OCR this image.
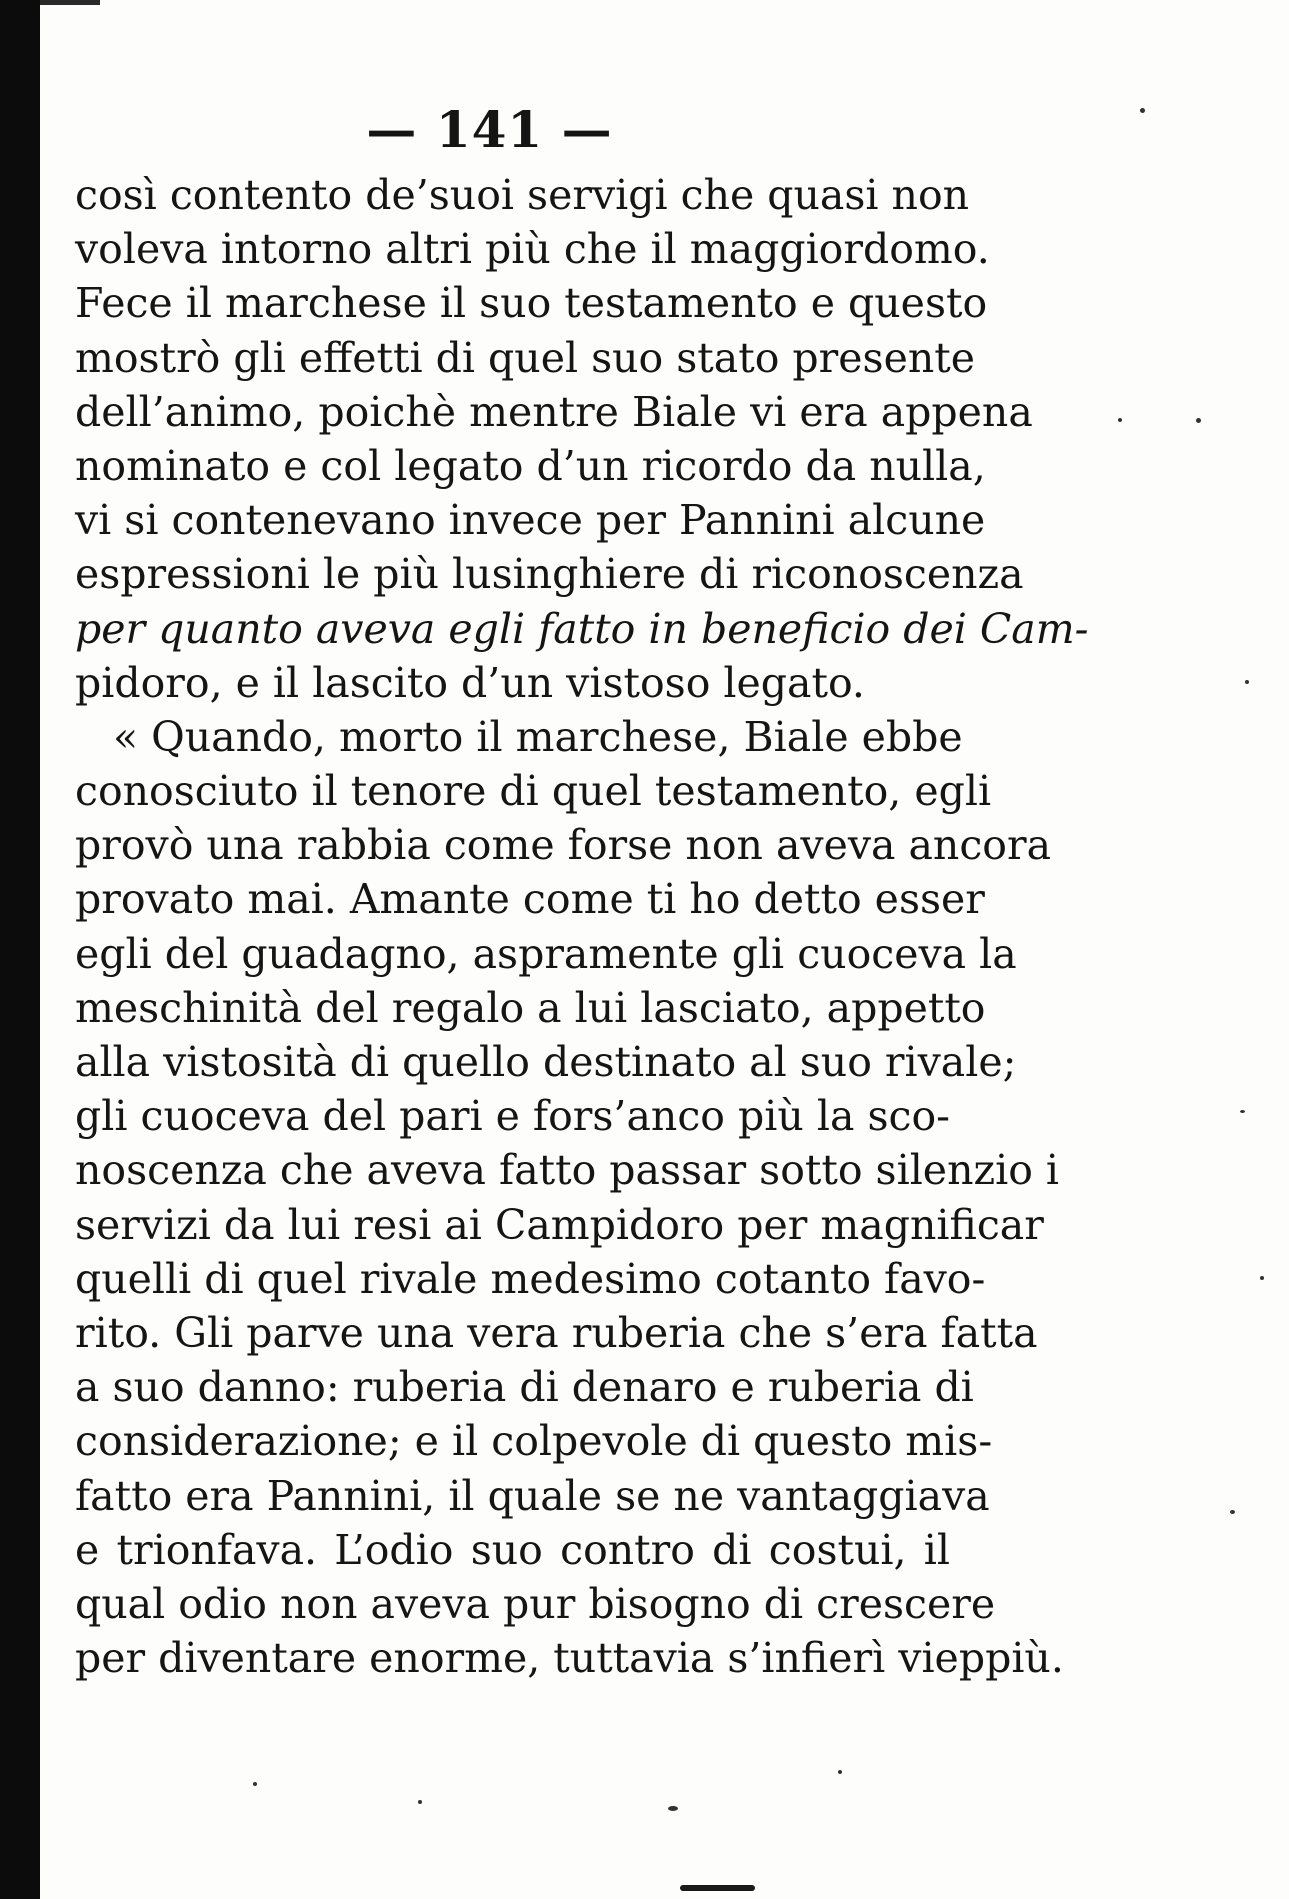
— 141 —
così contento de’suoi servigi che quasi non
voleva intorno altri più che il maggiordomo.
Fece il marchese il suo testamento e questo
mostrò gli effetti di quel suo stato presente
dell’animo, poichè mentre Biale vi era appena
nominato e col legato d’un ricordo da nulla,
vi si contenevano invece per Pannini alcune
espressioni le più lusinghiere di riconoscenza
per quanto aveva egli fatto in beneficio dei Cam-
pidoro, e il lascito d’un vistoso legato.
« Quando, morto il marchese, Biale ebbe
conosciuto il tenore di quel testamento, egli
provò una rabbia come forse non aveva ancora
provato mai. Amante come ti ho detto esser
egli del guadagno, aspramente gli cuoceva la
meschinità del regalo a lui lasciato, appetto
alla vistosità di quello destinato al suo rivale;
gli cuoceva del pari e fors’anco più la sco-
noscenza che aveva fatto passar sotto silenzio i
servizi da lui resi ai Campidoro per magnificar
quelli di quel rivale medesimo cotanto favo-
rito. Gli parve una vera ruberia che s’era fatta
a suo danno: ruberia di denaro e ruberia di
considerazione; e il colpevole di questo mis-
fatto era Pannini, il quale se ne vantaggiava
e trionfava. L’odio suo contro di costui, il
qual odio non aveva pur bisogno di crescere
per diventare enorme, tuttavia s’infierì vieppiù.
